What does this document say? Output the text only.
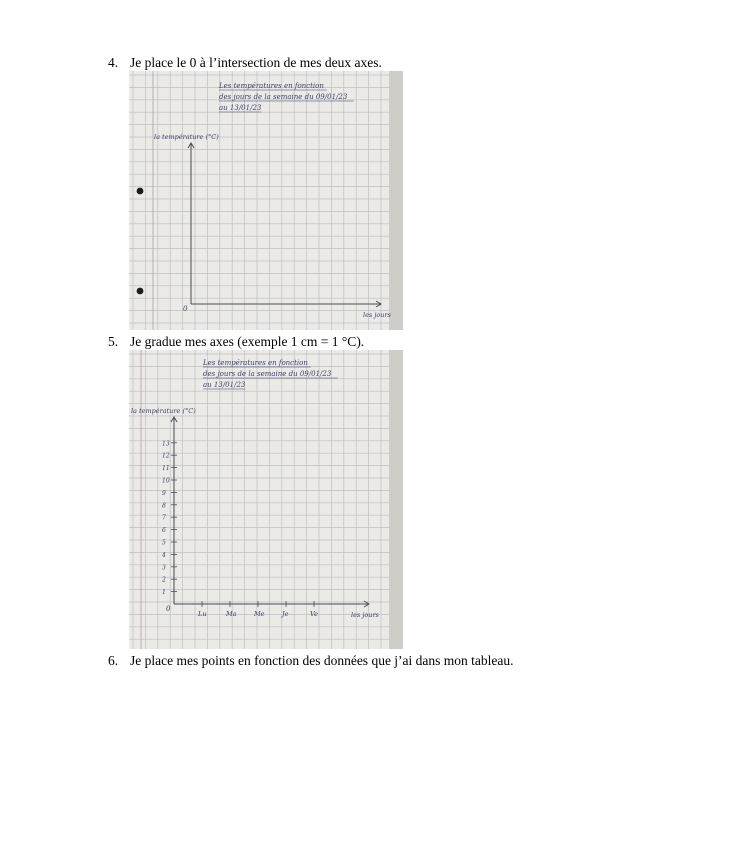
4. Je place le 0 à l’intersection de mes deux axes.
Les températures en fonction
des jours de la semaine du 09/01/23
au 13/01/23
la température (°C)
les jours
0
5. Je gradue mes axes (exemple 1 cm = 1 °C).
Les températures en fonction
des jours de la semaine du 09/01/23
au 13/01/23
la température (°C)
les jours
0
1
2
3
4
5
6
7
8
9
10
11
12
13
Lu	Ma	Me	Je	Ve
6. Je place mes points en fonction des données que j’ai dans mon tableau.
